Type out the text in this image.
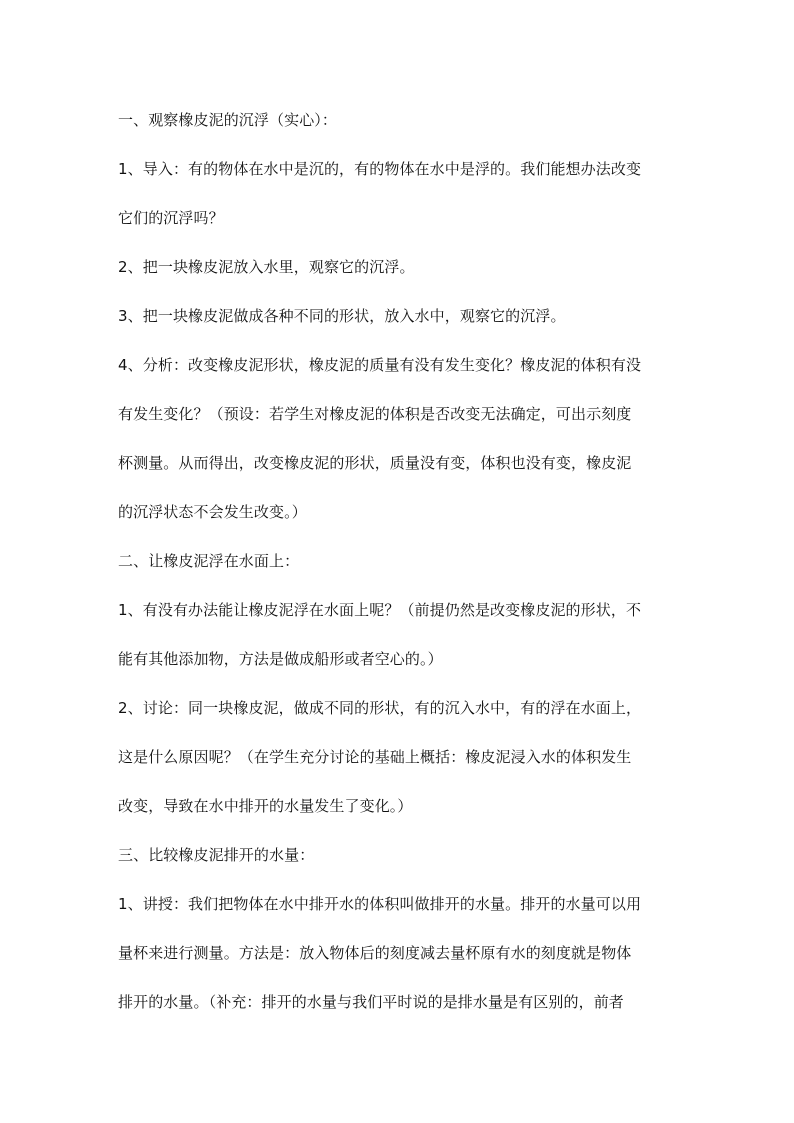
一、观察橡皮泥的沉浮（实心）：
1、导入：有的物体在水中是沉的，有的物体在水中是浮的。我们能想办法改变
它们的沉浮吗？
2、把一块橡皮泥放入水里，观察它的沉浮。
3、把一块橡皮泥做成各种不同的形状，放入水中，观察它的沉浮。
4、分析：改变橡皮泥形状，橡皮泥的质量有没有发生变化？橡皮泥的体积有没
有发生变化？（预设：若学生对橡皮泥的体积是否改变无法确定，可出示刻度
杯测量。从而得出，改变橡皮泥的形状，质量没有变，体积也没有变，橡皮泥
的沉浮状态不会发生改变。）
二、让橡皮泥浮在水面上：
1、有没有办法能让橡皮泥浮在水面上呢？（前提仍然是改变橡皮泥的形状，不
能有其他添加物，方法是做成船形或者空心的。）
2、讨论：同一块橡皮泥，做成不同的形状，有的沉入水中，有的浮在水面上，
这是什么原因呢？（在学生充分讨论的基础上概括：橡皮泥浸入水的体积发生
改变，导致在水中排开的水量发生了变化。）
三、比较橡皮泥排开的水量：
1、讲授：我们把物体在水中排开水的体积叫做排开的水量。排开的水量可以用
量杯来进行测量。方法是：放入物体后的刻度减去量杯原有水的刻度就是物体
排开的水量。（补充：排开的水量与我们平时说的是排水量是有区别的，前者
